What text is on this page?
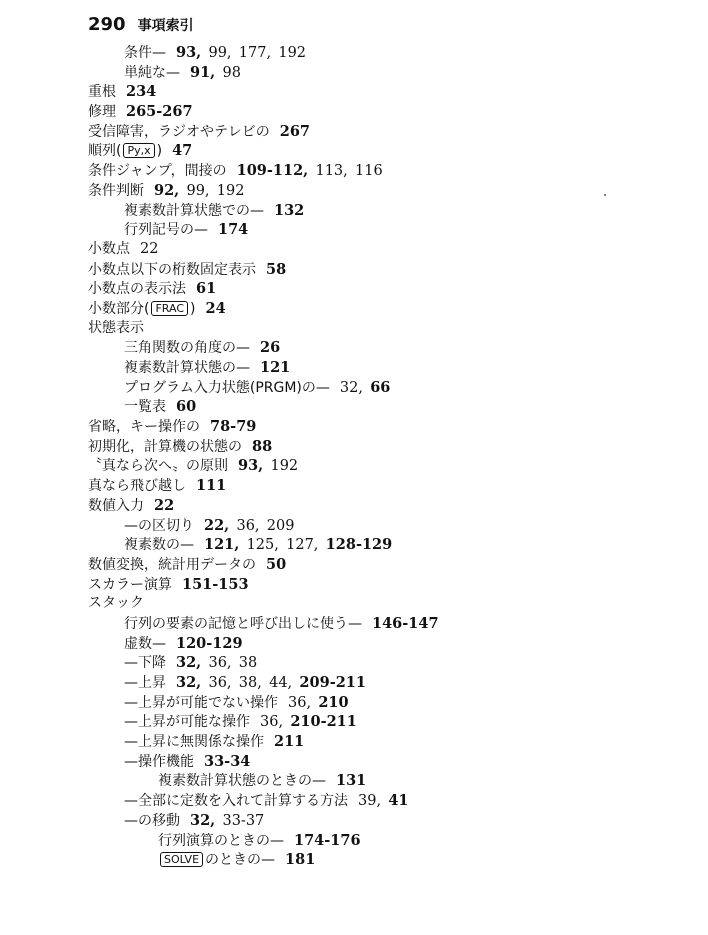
290 事項索引
条件— 93,  99,  177,  192
単純な— 91,  98
重根 234
修理 265-267
受信障害，ラジオやテレビの 267
順列( Py,x ) 47
条件ジャンプ，間接の 109-112,  113,  116
条件判断 92,  99,  192
複素数計算状態での— 132
行列記号の— 174
小数点 22
小数点以下の桁数固定表示 58
小数点の表示法 61
小数部分( FRAC ) 24
状態表示
三角関数の角度の— 26
複素数計算状態の— 121
プログラム入力状態(PRGM)の— 32,  66
一覧表 60
省略，キー操作の 78-79
初期化，計算機の状態の 88
〝真なら次へ〟の原則 93,  192
真なら飛び越し 111
数値入力 22
—の区切り 22,  36,  209
複素数の— 121,  125,  127,  128-129
数値変換，統計用データの 50
スカラー演算 151-153
スタック
行列の要素の記憶と呼び出しに使う— 146-147
虚数— 120-129
—下降 32,  36,  38
—上昇 32,  36,  38,  44,  209-211
—上昇が可能でない操作 36,  210
—上昇が可能な操作 36,  210-211
—上昇に無関係な操作 211
—操作機能 33-34
複素数計算状態のときの— 131
—全部に定数を入れて計算する方法 39,  41
—の移動 32,  33-37
行列演算のときの— 174-176
SOLVE のときの— 181
